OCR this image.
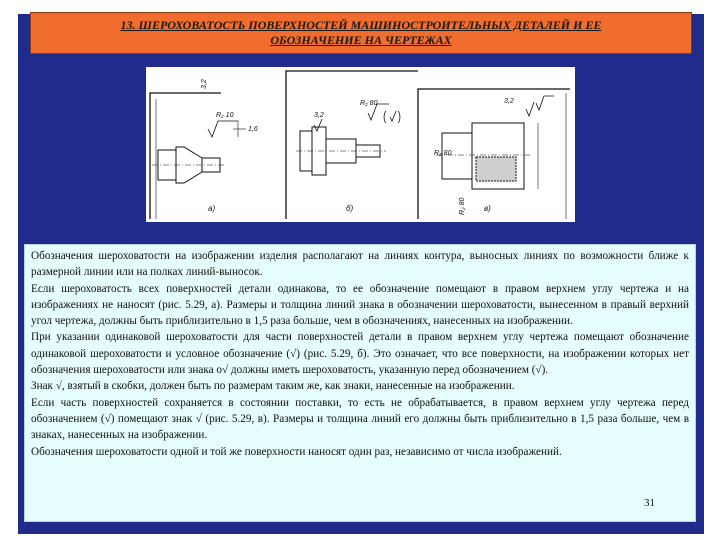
13. ШЕРОХОВАТОСТЬ ПОВЕРХНОСТЕЙ МАШИНОСТРОИТЕЛЬНЫХ ДЕТАЛЕЙ И ЕЕ
ОБОЗНАЧЕНИЕ НА ЧЕРТЕЖАХ
R₂ 10
1,6
3,2
а)
3,2
R₂ 80
б)
3,2
R₂ 80
R₂ 80 в)

Обозначения шероховатости на изображении изделия располагают на линиях контура, выносных линиях по возможности ближе к размерной линии или на полках линий-выносок.

Если шероховатость всех поверхностей детали одинакова, то ее обозначение помещают в правом верхнем углу чертежа и на изображениях не наносят (рис. 5.29, а). Размеры и толщина линий знака в обозначении шероховатости, вынесенном в правый верхний угол чертежа, должны быть приблизительно в 1,5 раза больше, чем в обозначениях, нанесенных на изображении.

При указании одинаковой шероховатости для части поверхностей детали в правом верхнем углу чертежа помещают обозначение одинаковой шероховатости и условное обозначение (√) (рис. 5.29, б). Это означает, что все поверхности, на изображении которых нет обозначения шероховатости или знака о√ должны иметь шероховатость, указанную перед обозначением (√).

Знак √, взятый в скобки, должен быть по размерам таким же, как знаки, нанесенные на изображении.

Если часть поверхностей сохраняется в состоянии поставки, то есть не обрабатывается, в правом верхнем углу чертежа перед обозначением (√) помещают знак √ (рис. 5.29, в). Размеры и толщина линий его должны быть приблизительно в 1,5 раза больше, чем в знаках, нанесенных на изображении.

Обозначения шероховатости одной и той же поверхности наносят один раз, независимо от числа изображений.

31
